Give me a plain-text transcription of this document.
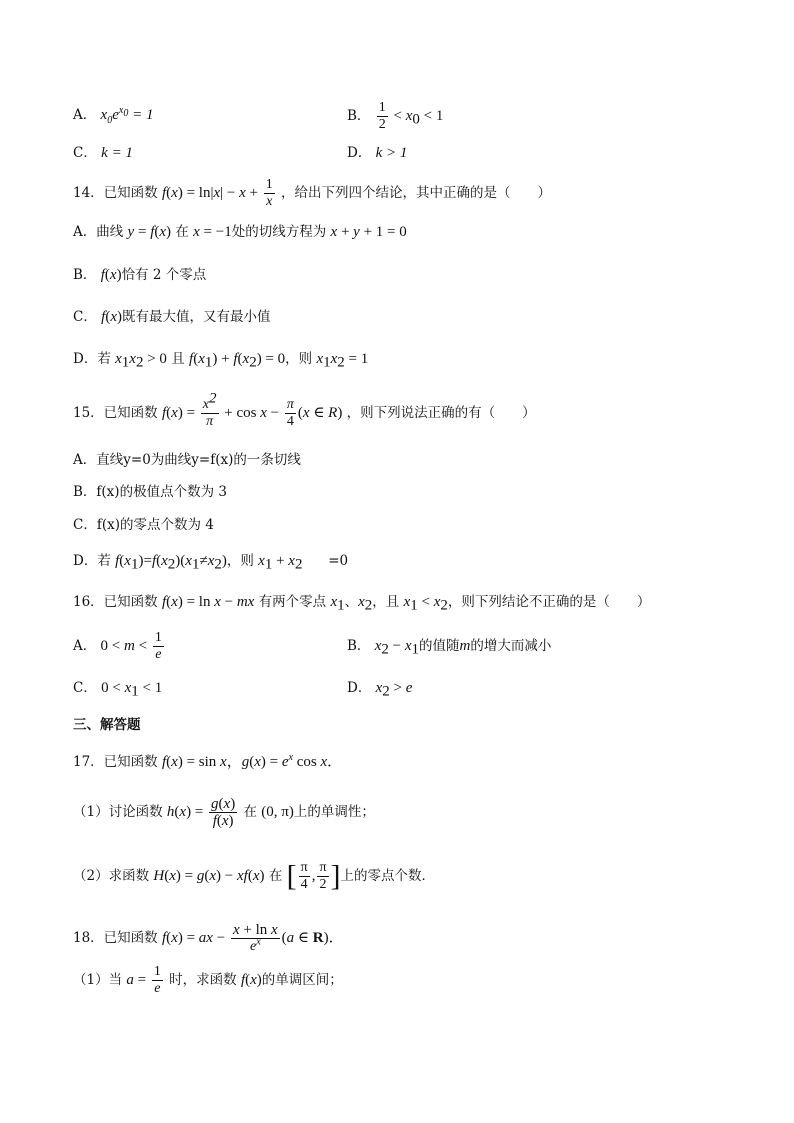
A． $x_0e^{x_0} = 1$	B． $\frac{1}{2} < x_0 < 1$
C． k = 1	D． k > 1
14．已知函数 $f(x) = \ln|x| - x + \frac{1}{x}$ ，给出下列四个结论，其中正确的是（　　）
A．曲线 y = f(x) 在 x = −1处的切线方程为 x + y + 1 = 0
B． f(x)恰有 2 个零点
C． f(x)既有最大值，又有最小值
D．若 $x_1x_2 > 0$ 且 $f(x_1) + f(x_2) = 0$，则 $x_1x_2 = 1$
15．已知函数 $f(x) = \frac{x^2}{\pi} + \cos x - \frac{\pi}{4} (x$ ∈ R) ，则下列说法正确的有（　　）
A．直线y=0为曲线y=f(x)的一条切线
B．f(x)的极值点个数为 3
C．f(x)的零点个数为 4
D．若 $f(x_1)=f(x_2)(x_1\ne x_2)$，则 $x_1 + x_2 =0$
16．已知函数 f(x) = ln x − mx 有两个零点 $x_1$、$x_2$，且 $x_1 < x_2$，则下列结论不正确的是（　　）
A． $0 < m < \frac{1}{e}$	B． $x_2 - x_1$的值随m的增大而减小
C． $0 < x_1 < 1$	D． $x_2 > e$
三、解答题
17．已知函数 f(x) = sin x，$g(x) = e^x$ cos x．
（1）讨论函数 $h(x) = \frac{g(x)}{f(x)}$ 在 (0, π)上的单调性；
（2）求函数 H(x) = g(x) − xf(x) 在 [ $\frac{\pi}{4}$ , $\frac{\pi}{2}$ ]上的零点个数．
18．已知函数 f(x) = ax − $\frac{\text{x + ln x}}{e^x} (a$ ∈ R)．
（1）当 $a = \frac{1}{e}$ 时，求函数 f(x)的单调区间；
